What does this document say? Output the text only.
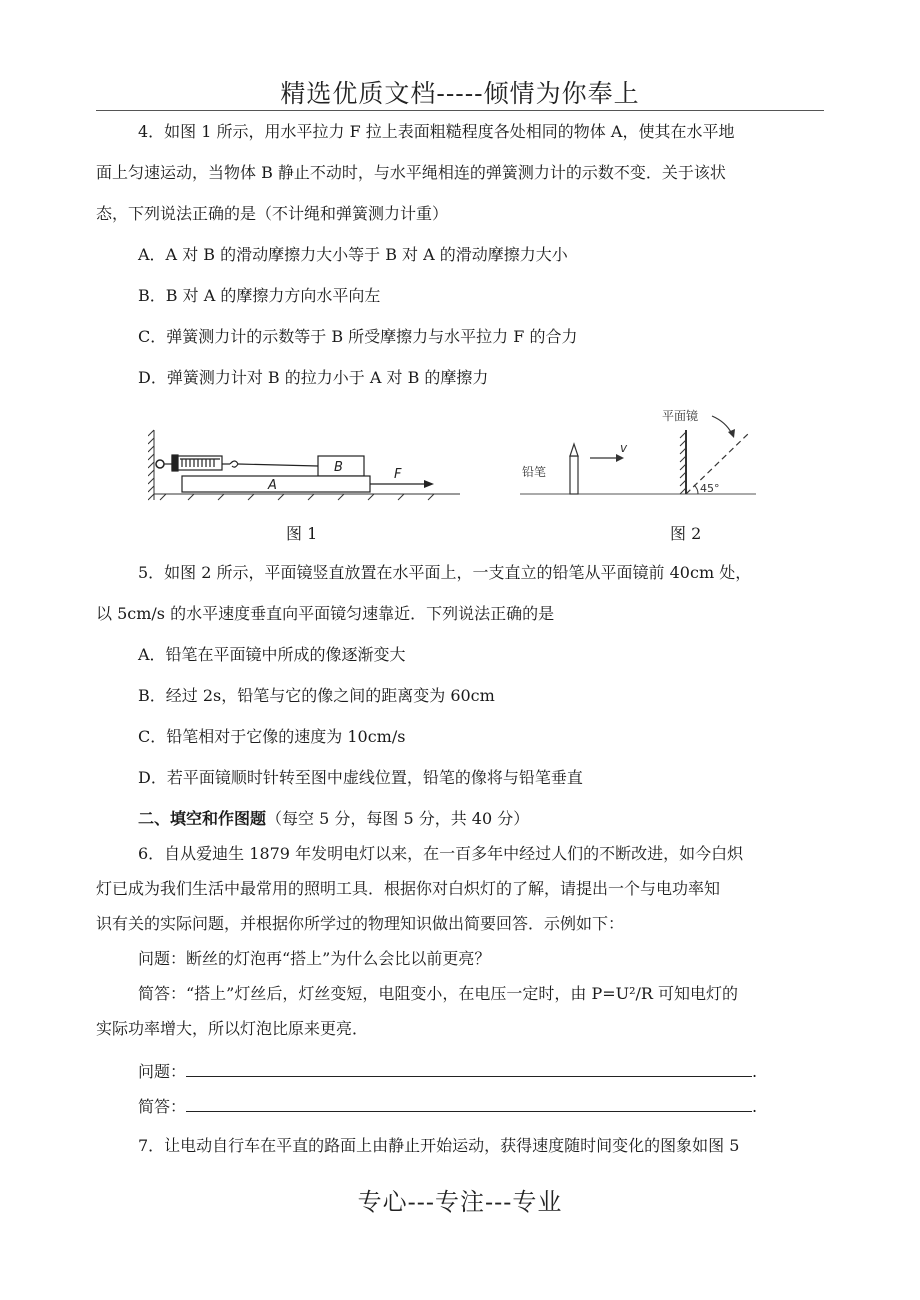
精选优质文档-----倾情为你奉上
4．如图 1 所示，用水平拉力 F 拉上表面粗糙程度各处相同的物体 A，使其在水平地
面上匀速运动，当物体 B 静止不动时，与水平绳相连的弹簧测力计的示数不变．关于该状
态，下列说法正确的是（不计绳和弹簧测力计重）
A．A 对 B 的滑动摩擦力大小等于 B 对 A 的滑动摩擦力大小
B．B 对 A 的摩擦力方向水平向左
C．弹簧测力计的示数等于 B 所受摩擦力与水平拉力 F 的合力
D．弹簧测力计对 B 的拉力小于 A 对 B 的摩擦力
B
A
F
图 1
铅笔
v
平面镜
45°
图 2
5．如图 2 所示，平面镜竖直放置在水平面上，一支直立的铅笔从平面镜前 40cm 处，
以 5cm/s 的水平速度垂直向平面镜匀速靠近．下列说法正确的是
A．铅笔在平面镜中所成的像逐渐变大
B．经过 2s，铅笔与它的像之间的距离变为 60cm
C．铅笔相对于它像的速度为 10cm/s
D．若平面镜顺时针转至图中虚线位置，铅笔的像将与铅笔垂直
二、填空和作图题（每空 5 分，每图 5 分，共 40 分）
6．自从爱迪生 1879 年发明电灯以来，在一百多年中经过人们的不断改进，如今白炽
灯已成为我们生活中最常用的照明工具．根据你对白炽灯的了解，请提出一个与电功率知
识有关的实际问题，并根据你所学过的物理知识做出简要回答．示例如下：
问题：断丝的灯泡再“搭上”为什么会比以前更亮？
简答：“搭上”灯丝后，灯丝变短，电阻变小，在电压一定时，由 P=U²/R 可知电灯的
实际功率增大，所以灯泡比原来更亮．
问题：	.
简答：	.
7．让电动自行车在平直的路面上由静止开始运动，获得速度随时间变化的图象如图 5
专心---专注---专业
